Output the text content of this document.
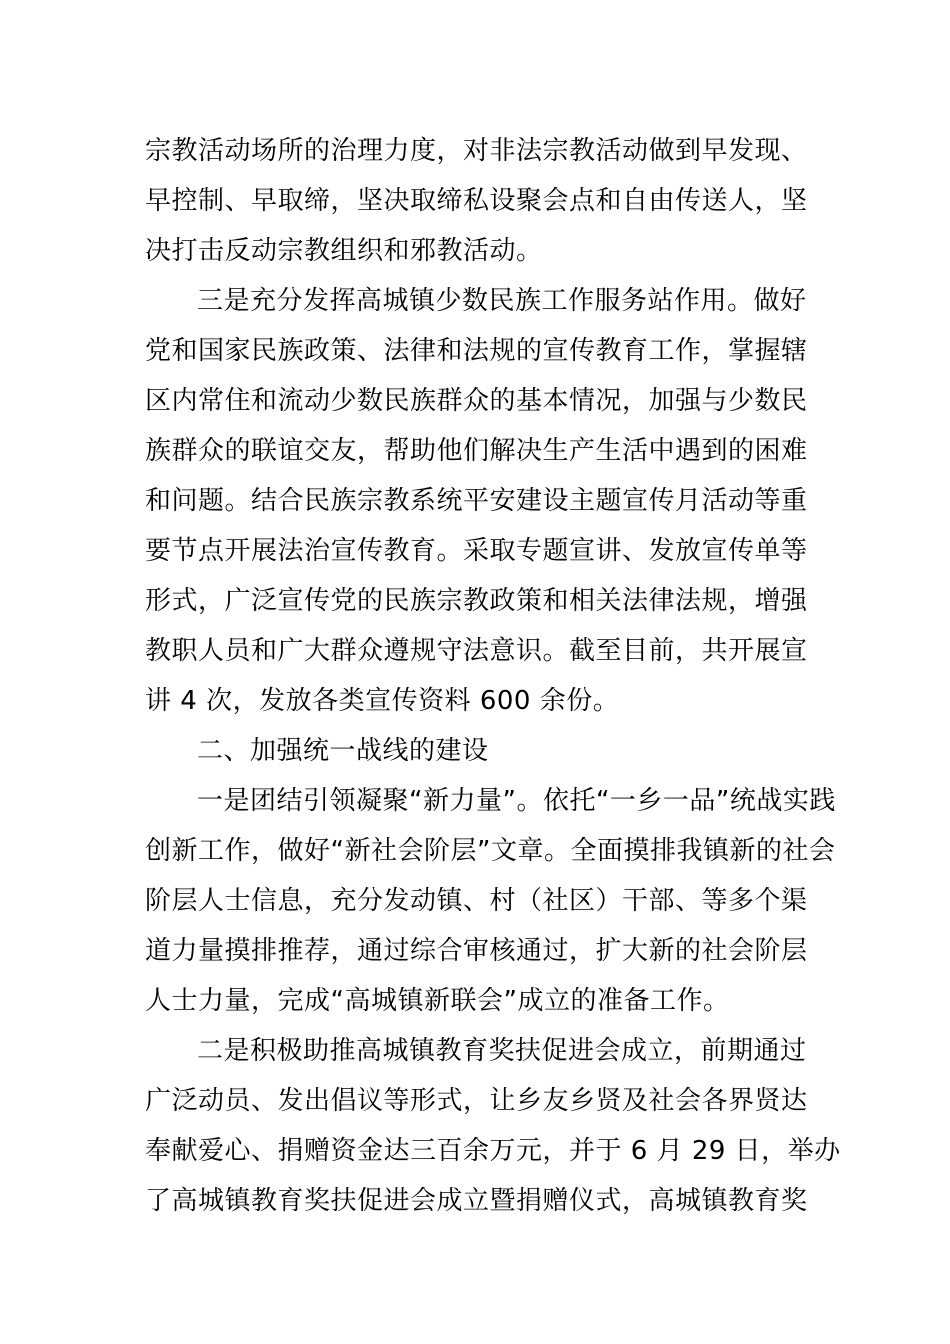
宗教活动场所的治理力度，对非法宗教活动做到早发现、
早控制、早取缔，坚决取缔私设聚会点和自由传送人，坚
决打击反动宗教组织和邪教活动。
三是充分发挥高城镇少数民族工作服务站作用。做好
党和国家民族政策、法律和法规的宣传教育工作，掌握辖
区内常住和流动少数民族群众的基本情况，加强与少数民
族群众的联谊交友，帮助他们解决生产生活中遇到的困难
和问题。结合民族宗教系统平安建设主题宣传月活动等重
要节点开展法治宣传教育。采取专题宣讲、发放宣传单等
形式，广泛宣传党的民族宗教政策和相关法律法规，增强
教职人员和广大群众遵规守法意识。截至目前，共开展宣
讲 4 次，发放各类宣传资料 600 余份。
二、加强统一战线的建设
一是团结引领凝聚“新力量”。依托“一乡一品”统战实践
创新工作，做好“新社会阶层”文章。全面摸排我镇新的社会
阶层人士信息，充分发动镇、村（社区）干部、等多个渠
道力量摸排推荐，通过综合审核通过，扩大新的社会阶层
人士力量，完成“高城镇新联会”成立的准备工作。
二是积极助推高城镇教育奖扶促进会成立，前期通过
广泛动员、发出倡议等形式，让乡友乡贤及社会各界贤达
奉献爱心、捐赠资金达三百余万元，并于 6 月 29 日，举办
了高城镇教育奖扶促进会成立暨捐赠仪式，高城镇教育奖
